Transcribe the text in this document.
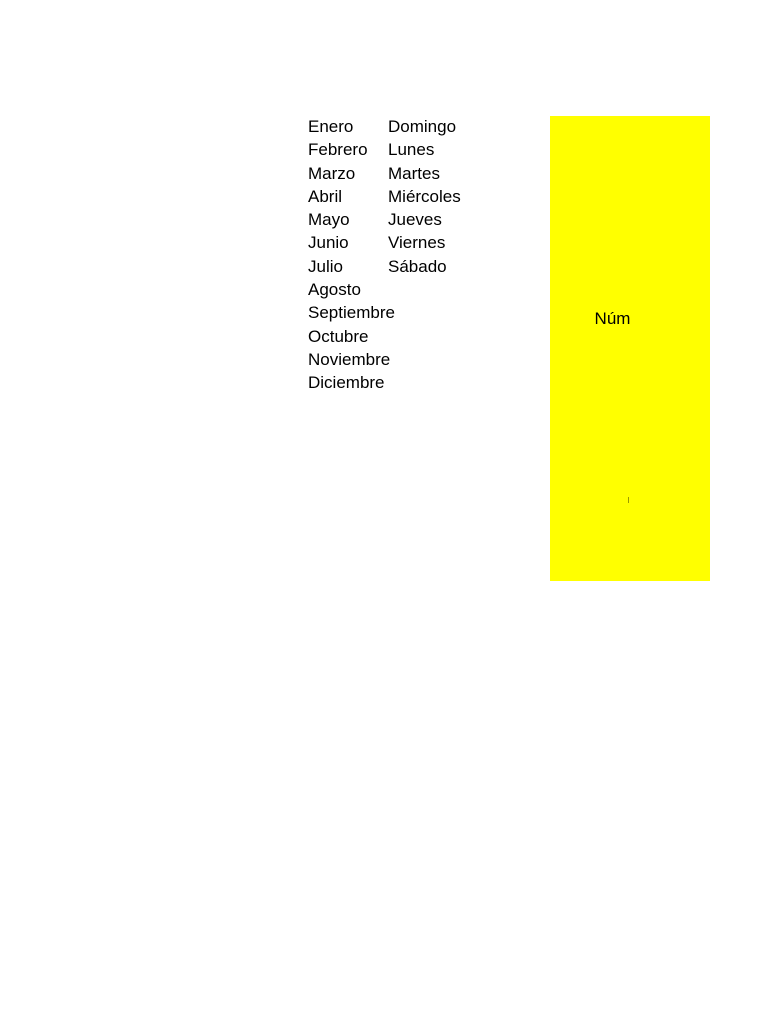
Enero Domingo
Febrero Lunes
Marzo Martes
Abril	Miércoles
Mayo Jueves
Junio Viernes
Julio	Sábado
Agosto
Septiembre
Octubre
Noviembre
Diciembre
Núm
